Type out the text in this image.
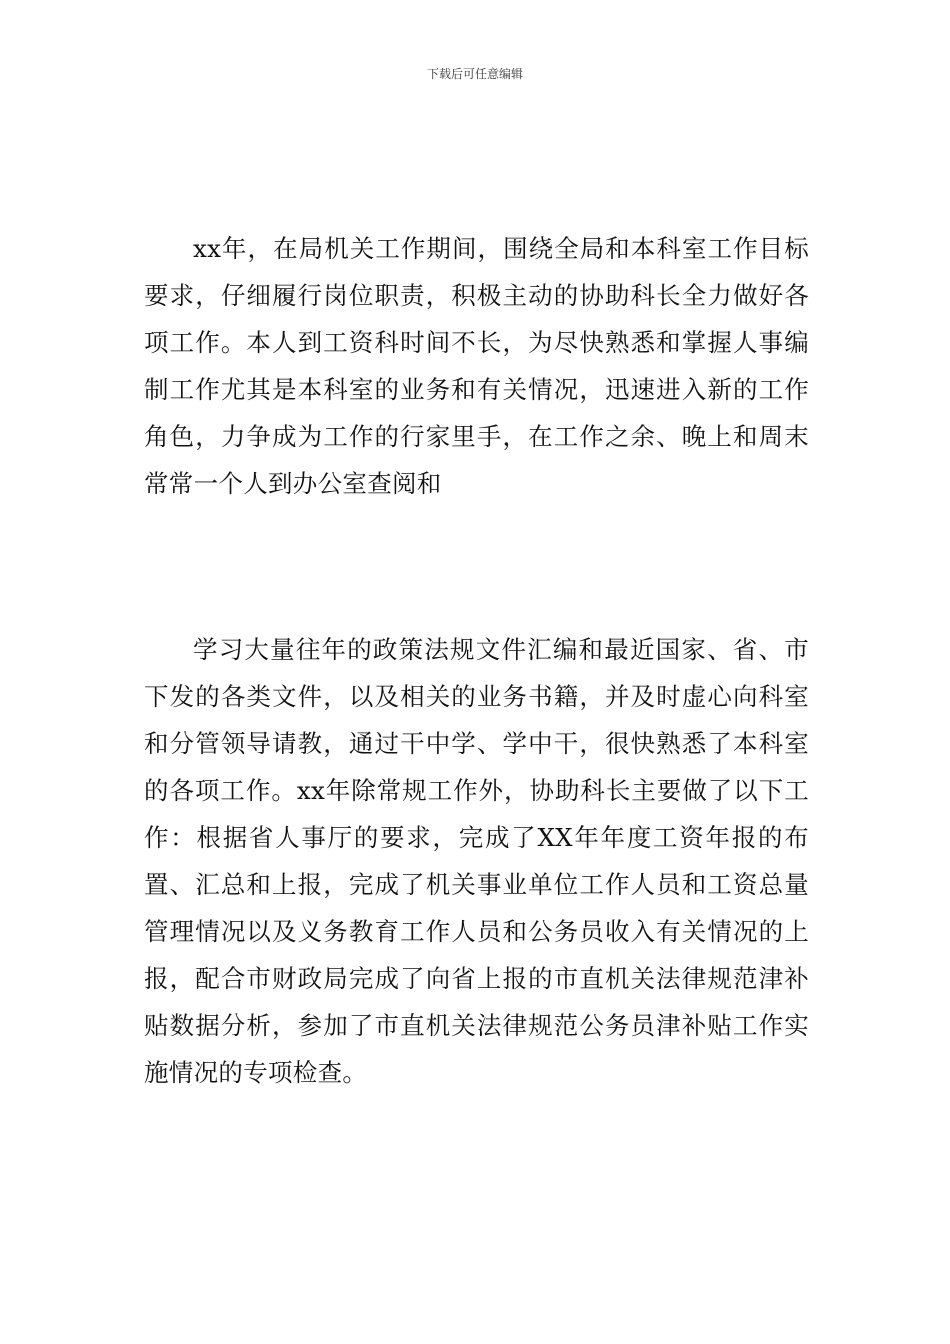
下载后可任意编辑

xx年，在局机关工作期间，围绕全局和本科室工作目标要求，仔细履行岗位职责，积极主动的协助科长全力做好各项工作。本人到工资科时间不长，为尽快熟悉和掌握人事编制工作尤其是本科室的业务和有关情况，迅速进入新的工作角色，力争成为工作的行家里手，在工作之余、晚上和周末常常一个人到办公室查阅和

学习大量往年的政策法规文件汇编和最近国家、省、市下发的各类文件，以及相关的业务书籍，并及时虚心向科室和分管领导请教，通过干中学、学中干，很快熟悉了本科室的各项工作。xx年除常规工作外，协助科长主要做了以下工作：根据省人事厅的要求，完成了XX年年度工资年报的布置、汇总和上报，完成了机关事业单位工作人员和工资总量管理情况以及义务教育工作人员和公务员收入有关情况的上报，配合市财政局完成了向省上报的市直机关法律规范津补贴数据分析，参加了市直机关法律规范公务员津补贴工作实施情况的专项检查。
